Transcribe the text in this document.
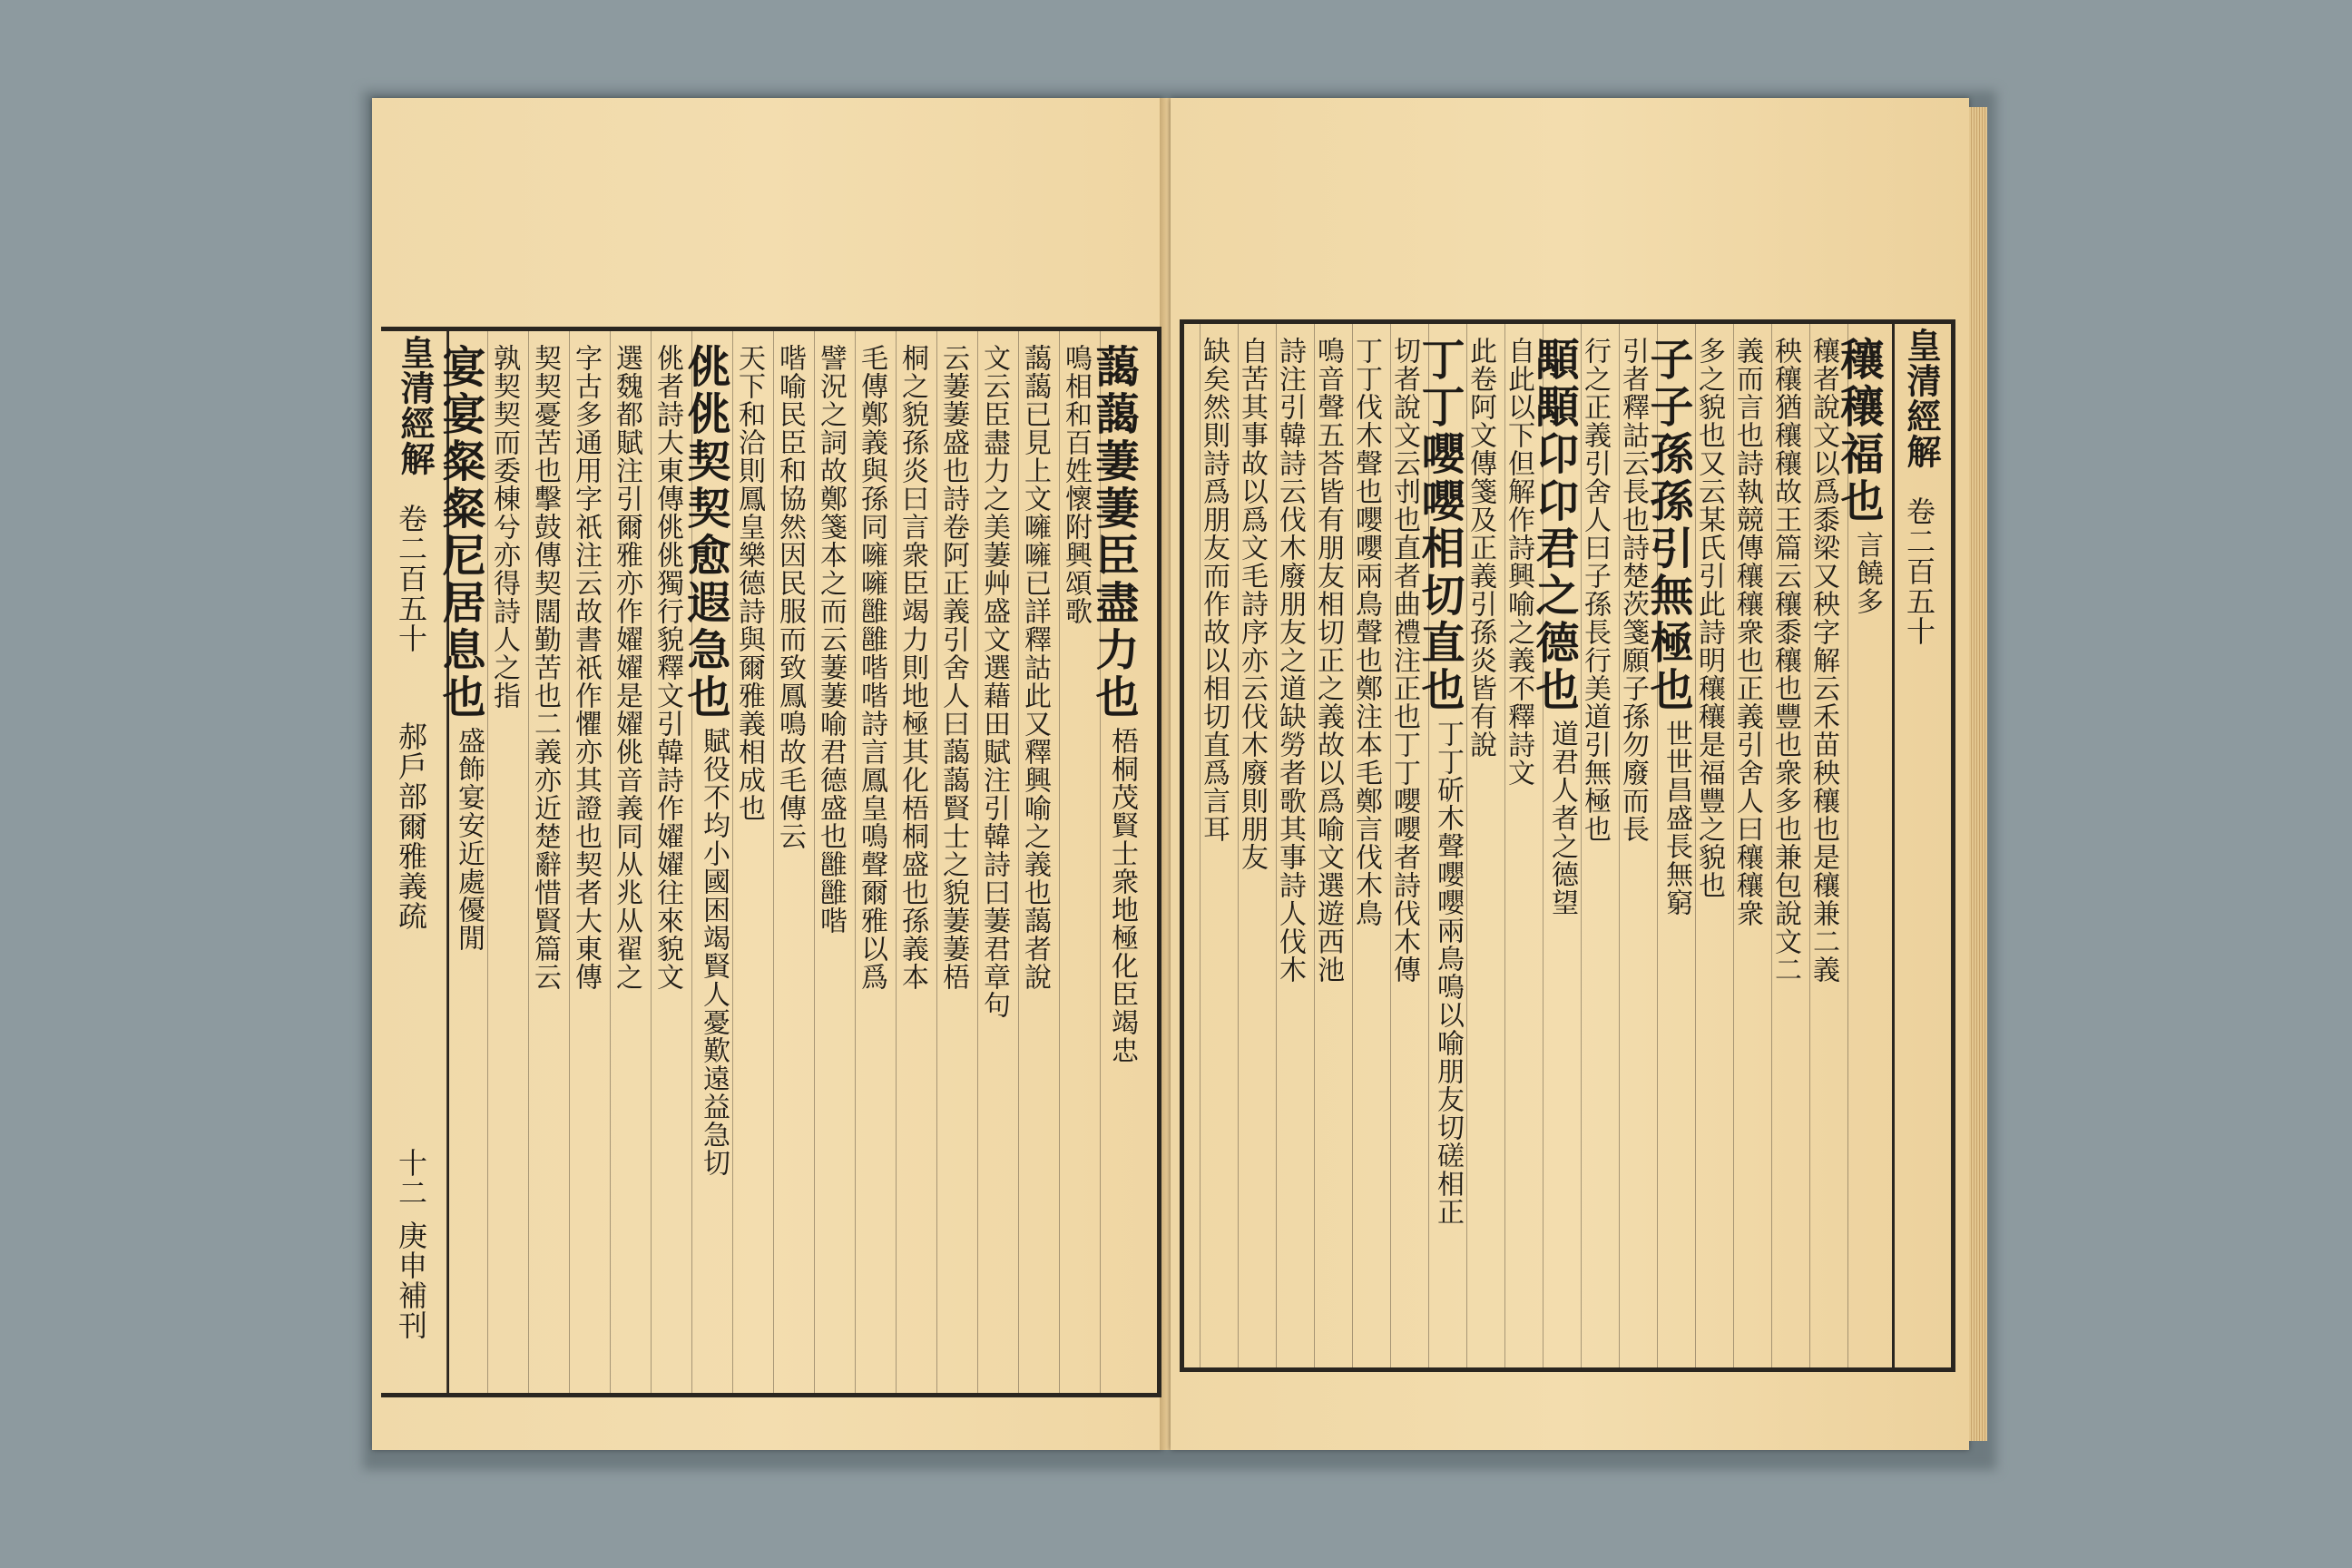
皇清經解
卷二百五十
郝戶部爾雅義疏
十二
庚申補刊
藹藹萋萋臣盡力也
梧桐茂賢士衆地極化臣竭忠
鳴相和百姓懷附興頌歌
藹藹已見上文噰噰已詳釋詁此又釋興喻之義也藹者說
文云臣盡力之美萋艸盛文選藉田賦注引韓詩曰萋君章句
云萋萋盛也詩卷阿正義引舍人曰藹藹賢士之貌萋萋梧
桐之貌孫炎曰言衆臣竭力則地極其化梧桐盛也孫義本
毛傳鄭義與孫同噰噰雝雝喈喈詩言鳳皇鳴聲爾雅以爲
譬況之詞故鄭箋本之而云萋萋喻君德盛也雝雝喈
喈喻民臣和協然因民服而致鳳鳴故毛傳云
天下和洽則鳳皇樂德詩與爾雅義相成也
佻佻契契愈遐急也
賦役不均小國困竭賢人憂歎遠益急切
佻者詩大東傳佻佻獨行貌釋文引韓詩作嬥嬥往來貌文
選魏都賦注引爾雅亦作嬥嬥是嬥佻音義同从兆从翟之
字古多通用字祇注云故書祇作懼亦其證也契者大東傳
契契憂苦也擊鼓傳契闊勤苦也二義亦近楚辭惜賢篇云
孰契契而委棟兮亦得詩人之指
宴宴粲粲尼居息也
盛飾宴安近處優閒
皇清經解
卷二百五十
穰穰福也
言饒多
穰者說文以爲黍梁又秧字解云禾苗秧穰也是穰兼二義
秧穰猶穰穰故王篇云穰黍穰也豐也衆多也兼包說文二
義而言也詩執競傳穰穰衆也正義引舍人曰穰穰衆
多之貌也又云某氏引此詩明穰穰是福豐之貌也
子子孫孫引無極也
世世昌盛長無窮
引者釋詁云長也詩楚茨箋願子孫勿廢而長
行之正義引舍人曰子孫長行美道引無極也
顒顒卬卬君之德也
道君人者之德望
自此以下但解作詩興喻之義不釋詩文
此卷阿文傳箋及正義引孫炎皆有說
丁丁嚶嚶相切直也
丁丁斫木聲嚶嚶兩鳥鳴以喻朋友切磋相正
切者說文云刌也直者曲禮注正也丁丁嚶嚶者詩伐木傳
丁丁伐木聲也嚶嚶兩鳥聲也鄭注本毛鄭言伐木鳥
鳴音聲五荅皆有朋友相切正之義故以爲喻文選遊西池
詩注引韓詩云伐木廢朋友之道缺勞者歌其事詩人伐木
自苦其事故以爲文毛詩序亦云伐木廢則朋友
缺矣然則詩爲朋友而作故以相切直爲言耳
